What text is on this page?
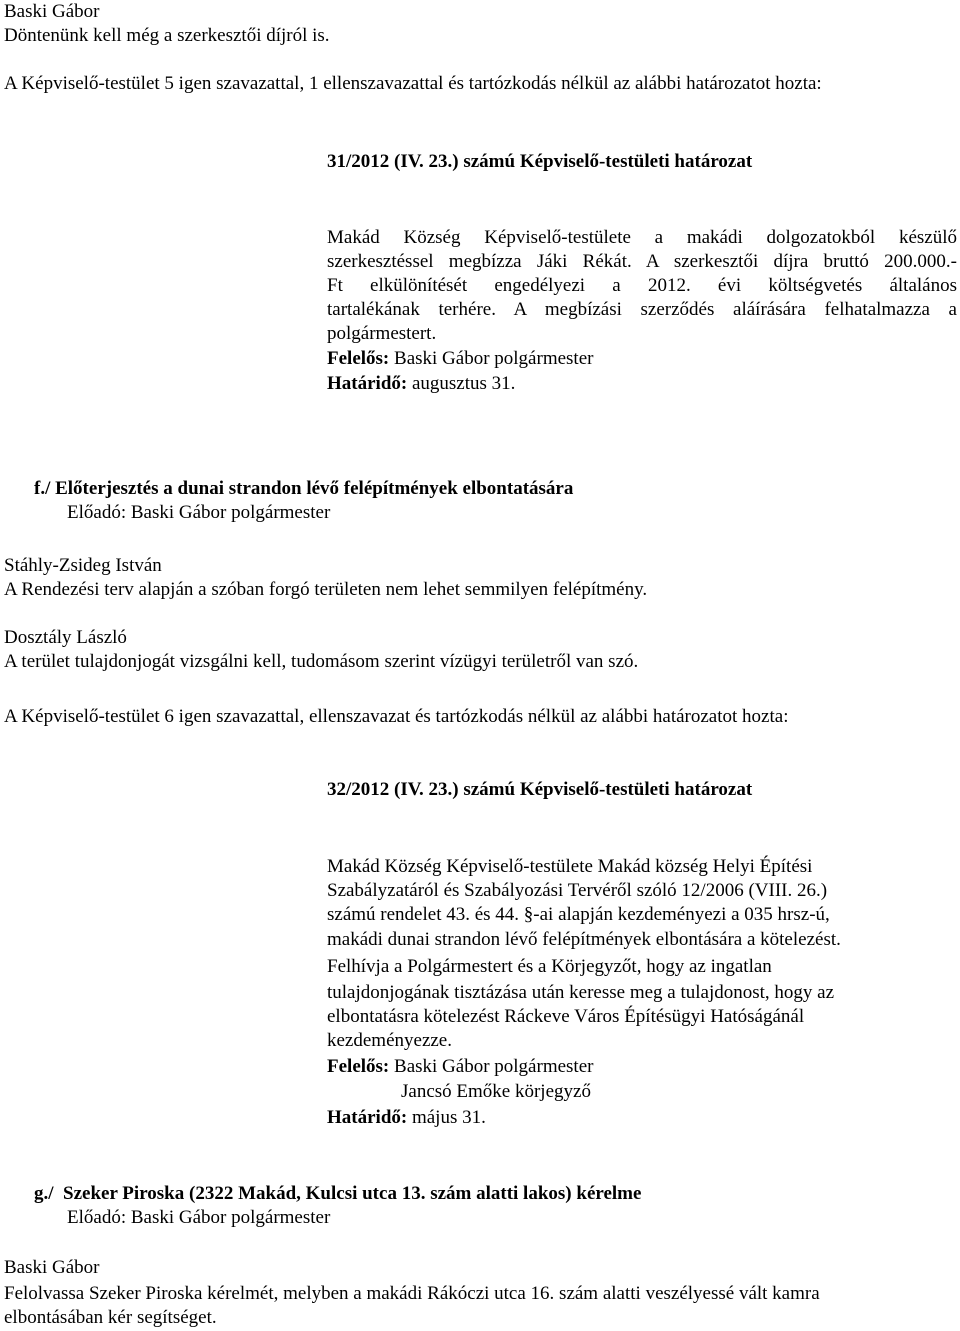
Baski Gábor
Döntenünk kell még a szerkesztői díjról is.
A Képviselő-testület 5 igen szavazattal, 1 ellenszavazattal és tartózkodás nélkül az alábbi határozatot hozta:
31/2012 (IV. 23.) számú Képviselő-testületi határozat
Makád Község Képviselő-testülete a makádi dolgozatokból készülő
szerkesztéssel megbízza Jáki Rékát. A szerkesztői díjra bruttó 200.000.-
Ft elkülönítését engedélyezi a 2012. évi költségvetés általános
tartalékának terhére. A megbízási szerződés aláírására felhatalmazza a
polgármestert.
Felelős: Baski Gábor polgármester
Határidő: augusztus 31.
f./ Előterjesztés a dunai strandon lévő felépítmények elbontatására
Előadó: Baski Gábor polgármester
Stáhly-Zsideg István
A Rendezési terv alapján a szóban forgó területen nem lehet semmilyen felépítmény.
Dosztály László
A terület tulajdonjogát vizsgálni kell, tudomásom szerint vízügyi területről van szó.
A Képviselő-testület 6 igen szavazattal, ellenszavazat és tartózkodás nélkül az alábbi határozatot hozta:
32/2012 (IV. 23.) számú Képviselő-testületi határozat
Makád Község Képviselő-testülete Makád község Helyi Építési
Szabályzatáról és Szabályozási Tervéről szóló 12/2006 (VIII. 26.)
számú rendelet 43. és 44. §-ai alapján kezdeményezi a 035 hrsz-ú,
makádi dunai strandon lévő felépítmények elbontására a kötelezést.
Felhívja a Polgármestert és a Körjegyzőt, hogy az ingatlan
tulajdonjogának tisztázása után keresse meg a tulajdonost, hogy az
elbontatásra kötelezést Ráckeve Város Építésügyi Hatóságánál
kezdeményezze.
Felelős: Baski Gábor polgármester
Jancsó Emőke körjegyző
Határidő: május 31.
g./ Szeker Piroska (2322 Makád, Kulcsi utca 13. szám alatti lakos) kérelme
Előadó: Baski Gábor polgármester
Baski Gábor
Felolvassa Szeker Piroska kérelmét, melyben a makádi Rákóczi utca 16. szám alatti veszélyessé vált kamra
elbontásában kér segítséget.
